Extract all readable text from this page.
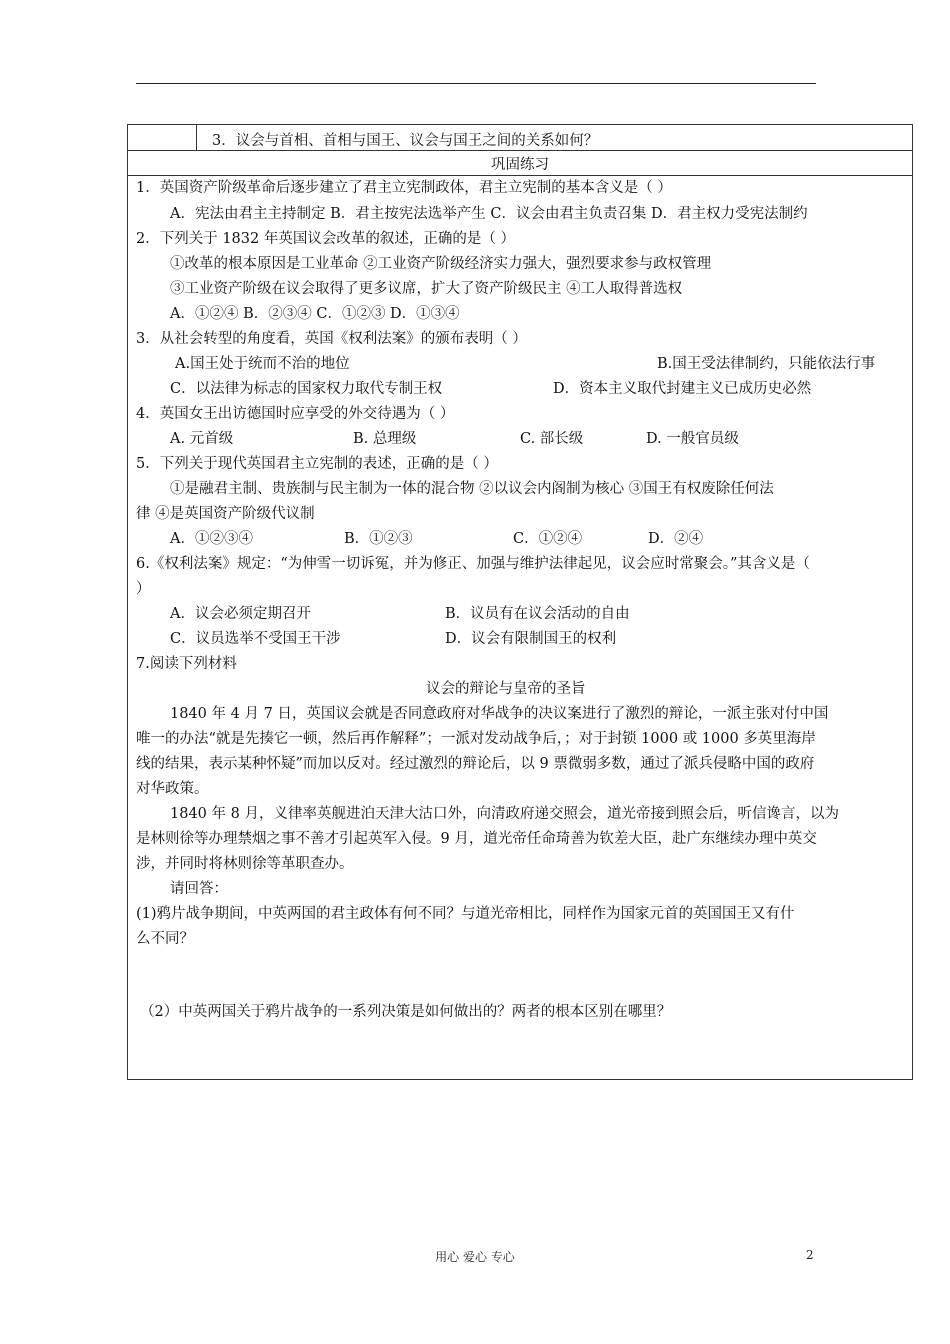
3．议会与首相、首相与国王、议会与国王之间的关系如何？
巩固练习
1．英国资产阶级革命后逐步建立了君主立宪制政体，君主立宪制的基本含义是（ ）
A．宪法由君主主持制定 B．君主按宪法选举产生 C．议会由君主负责召集 D．君主权力受宪法制约
2．下列关于 1832 年英国议会改革的叙述，正确的是（ ）
①改革的根本原因是工业革命 ②工业资产阶级经济实力强大，强烈要求参与政权管理
③工业资产阶级在议会取得了更多议席，扩大了资产阶级民主 ④工人取得普选权
A．①②④ B．②③④ C．①②③ D．①③④
3．从社会转型的角度看，英国《权利法案》的颁布表明（ ）
A.国王处于统而不治的地位	B.国王受法律制约，只能依法行事
C．以法律为标志的国家权力取代专制王权	D．资本主义取代封建主义已成历史必然
4．英国女王出访德国时应享受的外交待遇为（ ）
A. 元首级	B. 总理级	C. 部长级	D. 一般官员级
5．下列关于现代英国君主立宪制的表述，正确的是（ ）
①是融君主制、贵族制与民主制为一体的混合物 ②以议会内阁制为核心 ③国王有权废除任何法
律 ④是英国资产阶级代议制
A．①②③④	B．①②③	C．①②④	D．②④
6.《权利法案》规定：“为伸雪一切诉冤，并为修正、加强与维护法律起见，议会应时常聚会。”其含义是（
）
A．议会必须定期召开	B．议员有在议会活动的自由
C．议员选举不受国王干涉	D．议会有限制国王的权利
7.阅读下列材料
议会的辩论与皇帝的圣旨
1840 年 4 月 7 日，英国议会就是否同意政府对华战争的决议案进行了激烈的辩论，一派主张对付中国
唯一的办法“就是先揍它一顿，然后再作解释”；一派对发动战争后，；对于封锁 1000 或 1000 多英里海岸
线的结果，表示某种怀疑”而加以反对。经过激烈的辩论后，以 9 票微弱多数，通过了派兵侵略中国的政府
对华政策。
1840 年 8 月，义律率英舰进泊天津大沽口外，向清政府递交照会，道光帝接到照会后，听信谗言，以为
是林则徐等办理禁烟之事不善才引起英军入侵。9 月，道光帝任命琦善为钦差大臣，赴广东继续办理中英交
涉，并同时将林则徐等革职查办。
请回答：
(1)鸦片战争期间，中英两国的君主政体有何不同？与道光帝相比，同样作为国家元首的英国国王又有什
么不同？
（2）中英两国关于鸦片战争的一系列决策是如何做出的？两者的根本区别在哪里？
用心 爱心 专心	2
